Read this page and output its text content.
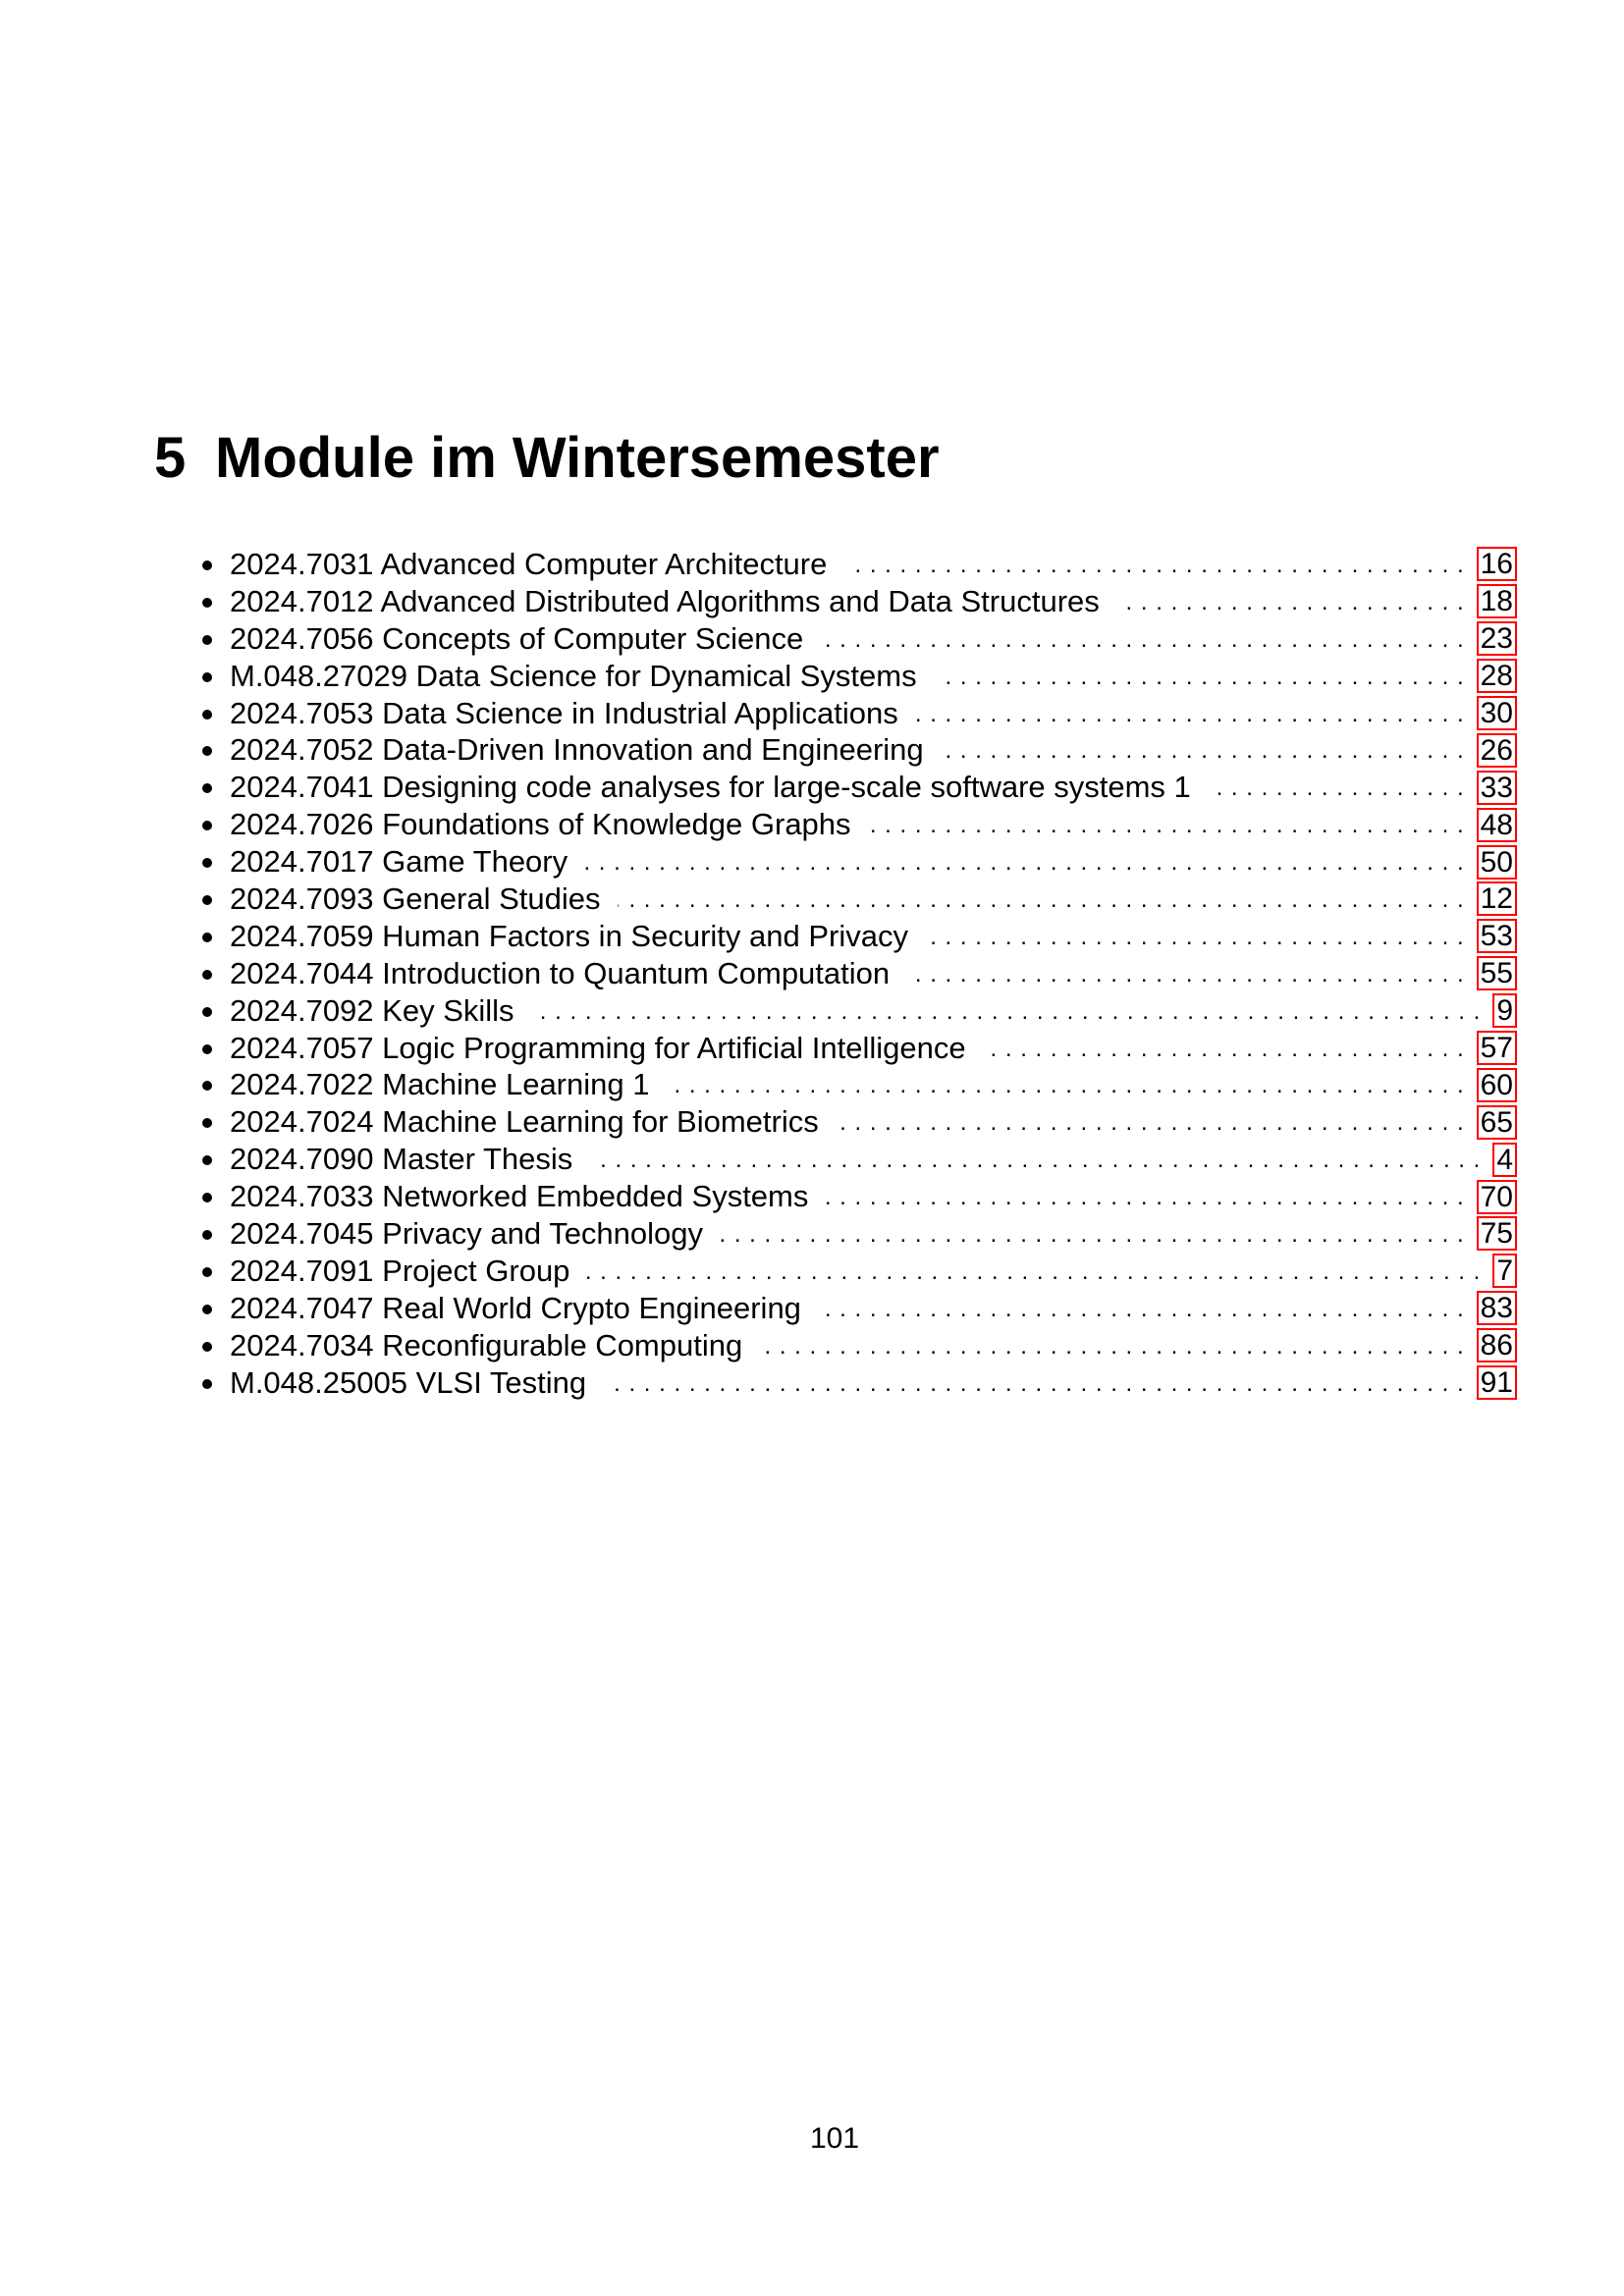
5 Module im Wintersemester
2024.7031 Advanced Computer Architecture . . .	16
2024.7012 Advanced Distributed Algorithms and Data Structures . . .	18
2024.7056 Concepts of Computer Science . . .	23
M.048.27029 Data Science for Dynamical Systems . . .	28
2024.7053 Data Science in Industrial Applications . . .	30
2024.7052 Data-Driven Innovation and Engineering . . .	26
2024.7041 Designing code analyses for large-scale software systems 1 . . .	33
2024.7026 Foundations of Knowledge Graphs . . .	48
2024.7017 Game Theory . . .	50
2024.7093 General Studies . . .	12
2024.7059 Human Factors in Security and Privacy . . .	53
2024.7044 Introduction to Quantum Computation . . .	55
2024.7092 Key Skills . . .	9
2024.7057 Logic Programming for Artificial Intelligence . . .	57
2024.7022 Machine Learning 1 . . .	60
2024.7024 Machine Learning for Biometrics . . .	65
2024.7090 Master Thesis . . .	4
2024.7033 Networked Embedded Systems . . .	70
2024.7045 Privacy and Technology . . .	75
2024.7091 Project Group . . .	7
2024.7047 Real World Crypto Engineering . . .	83
2024.7034 Reconfigurable Computing . . .	86
M.048.25005 VLSI Testing . . .	91
101
